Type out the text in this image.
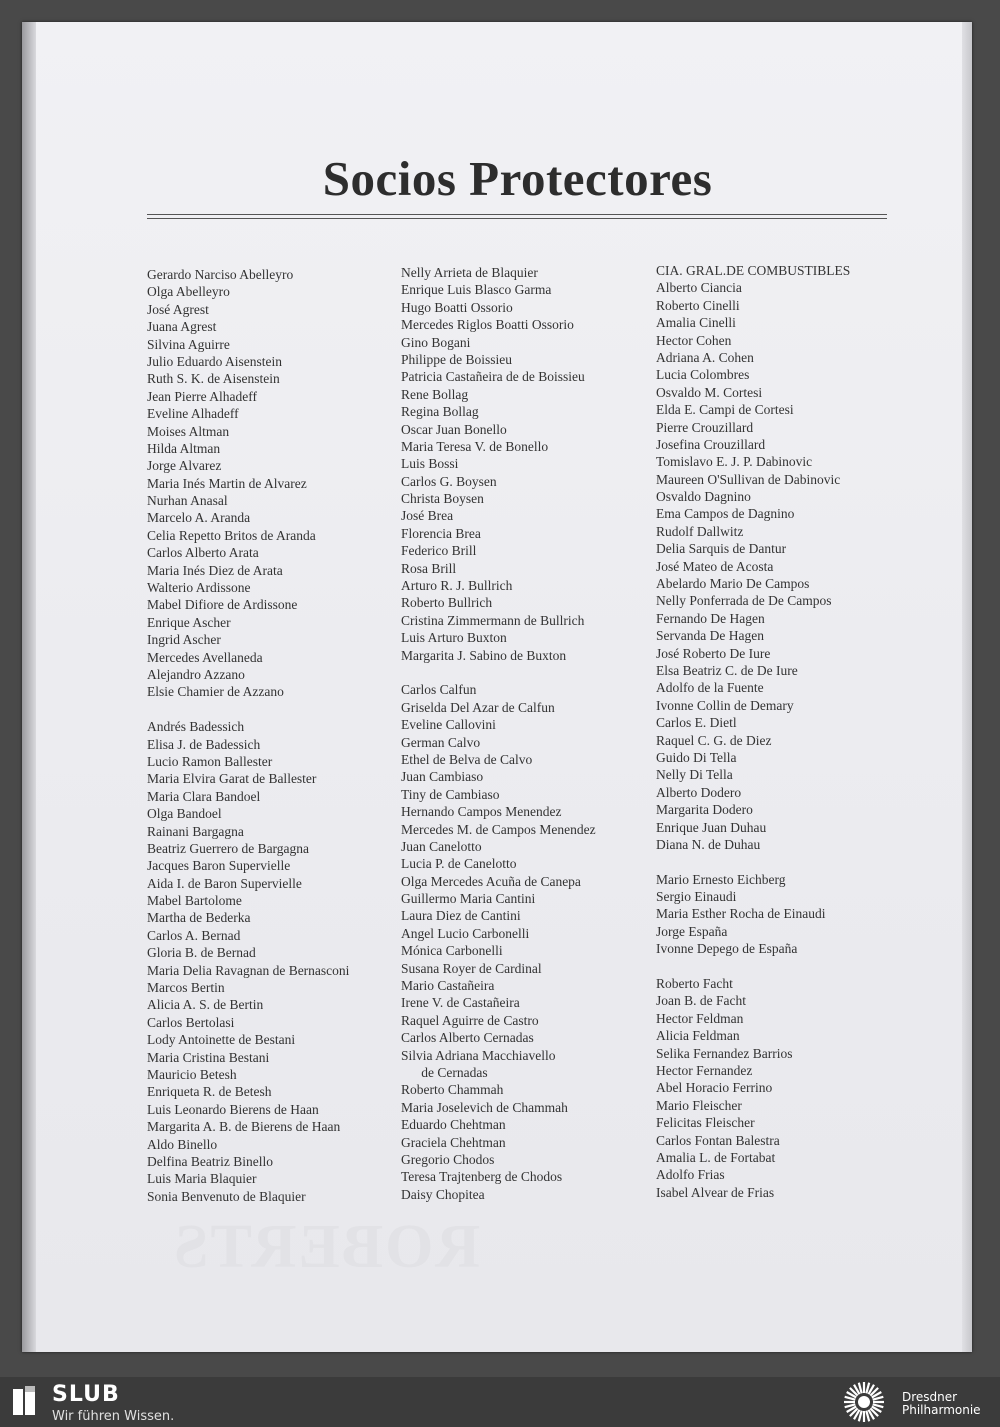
ROBERTS
Socios Protectores
Gerardo Narciso Abelleyro
Olga Abelleyro
José Agrest
Juana Agrest
Silvina Aguirre
Julio Eduardo Aisenstein
Ruth S. K. de Aisenstein
Jean Pierre Alhadeff
Eveline Alhadeff
Moises Altman
Hilda Altman
Jorge Alvarez
Maria Inés Martin de Alvarez
Nurhan Anasal
Marcelo A. Aranda
Celia Repetto Britos de Aranda
Carlos Alberto Arata
Maria Inés Diez de Arata
Walterio Ardissone
Mabel Difiore de Ardissone
Enrique Ascher
Ingrid Ascher
Mercedes Avellaneda
Alejandro Azzano
Elsie Chamier de Azzano
Andrés Badessich
Elisa J. de Badessich
Lucio Ramon Ballester
Maria Elvira Garat de Ballester
Maria Clara Bandoel
Olga Bandoel
Rainani Bargagna
Beatriz Guerrero de Bargagna
Jacques Baron Supervielle
Aida I. de Baron Supervielle
Mabel Bartolome
Martha de Bederka
Carlos A. Bernad
Gloria B. de Bernad
Maria Delia Ravagnan de Bernasconi
Marcos Bertin
Alicia A. S. de Bertin
Carlos Bertolasi
Lody Antoinette de Bestani
Maria Cristina Bestani
Mauricio Betesh
Enriqueta R. de Betesh
Luis Leonardo Bierens de Haan
Margarita A. B. de Bierens de Haan
Aldo Binello
Delfina Beatriz Binello
Luis Maria Blaquier
Sonia Benvenuto de Blaquier
Nelly Arrieta de Blaquier
Enrique Luis Blasco Garma
Hugo Boatti Ossorio
Mercedes Riglos Boatti Ossorio
Gino Bogani
Philippe de Boissieu
Patricia Castañeira de de Boissieu
Rene Bollag
Regina Bollag
Oscar Juan Bonello
Maria Teresa V. de Bonello
Luis Bossi
Carlos G. Boysen
Christa Boysen
José Brea
Florencia Brea
Federico Brill
Rosa Brill
Arturo R. J. Bullrich
Roberto Bullrich
Cristina Zimmermann de Bullrich
Luis Arturo Buxton
Margarita J. Sabino de Buxton
Carlos Calfun
Griselda Del Azar de Calfun
Eveline Callovini
German Calvo
Ethel de Belva de Calvo
Juan Cambiaso
Tiny de Cambiaso
Hernando Campos Menendez
Mercedes M. de Campos Menendez
Juan Canelotto
Lucia P. de Canelotto
Olga Mercedes Acuña de Canepa
Guillermo Maria Cantini
Laura Diez de Cantini
Angel Lucio Carbonelli
Mónica Carbonelli
Susana Royer de Cardinal
Mario Castañeira
Irene V. de Castañeira
Raquel Aguirre de Castro
Carlos Alberto Cernadas
Silvia Adriana Macchiavello
de Cernadas
Roberto Chammah
Maria Joselevich de Chammah
Eduardo Chehtman
Graciela Chehtman
Gregorio Chodos
Teresa Trajtenberg de Chodos
Daisy Chopitea
CIA. GRAL.DE COMBUSTIBLES
Alberto Ciancia
Roberto Cinelli
Amalia Cinelli
Hector Cohen
Adriana A. Cohen
Lucia Colombres
Osvaldo M. Cortesi
Elda E. Campi de Cortesi
Pierre Crouzillard
Josefina Crouzillard
Tomislavo E. J. P. Dabinovic
Maureen O'Sullivan de Dabinovic
Osvaldo Dagnino
Ema Campos de Dagnino
Rudolf Dallwitz
Delia Sarquis de Dantur
José Mateo de Acosta
Abelardo Mario De Campos
Nelly Ponferrada de De Campos
Fernando De Hagen
Servanda De Hagen
José Roberto De Iure
Elsa Beatriz C. de De Iure
Adolfo de la Fuente
Ivonne Collin de Demary
Carlos E. Dietl
Raquel C. G. de Diez
Guido Di Tella
Nelly Di Tella
Alberto Dodero
Margarita Dodero
Enrique Juan Duhau
Diana N. de Duhau
Mario Ernesto Eichberg
Sergio Einaudi
Maria Esther Rocha de Einaudi
Jorge España
Ivonne Depego de España
Roberto Facht
Joan B. de Facht
Hector Feldman
Alicia Feldman
Selika Fernandez Barrios
Hector Fernandez
Abel Horacio Ferrino
Mario Fleischer
Felicitas Fleischer
Carlos Fontan Balestra
Amalia L. de Fortabat
Adolfo Frias
Isabel Alvear de Frias
SLUB
Wir führen Wissen.
Dresdner
Philharmonie
